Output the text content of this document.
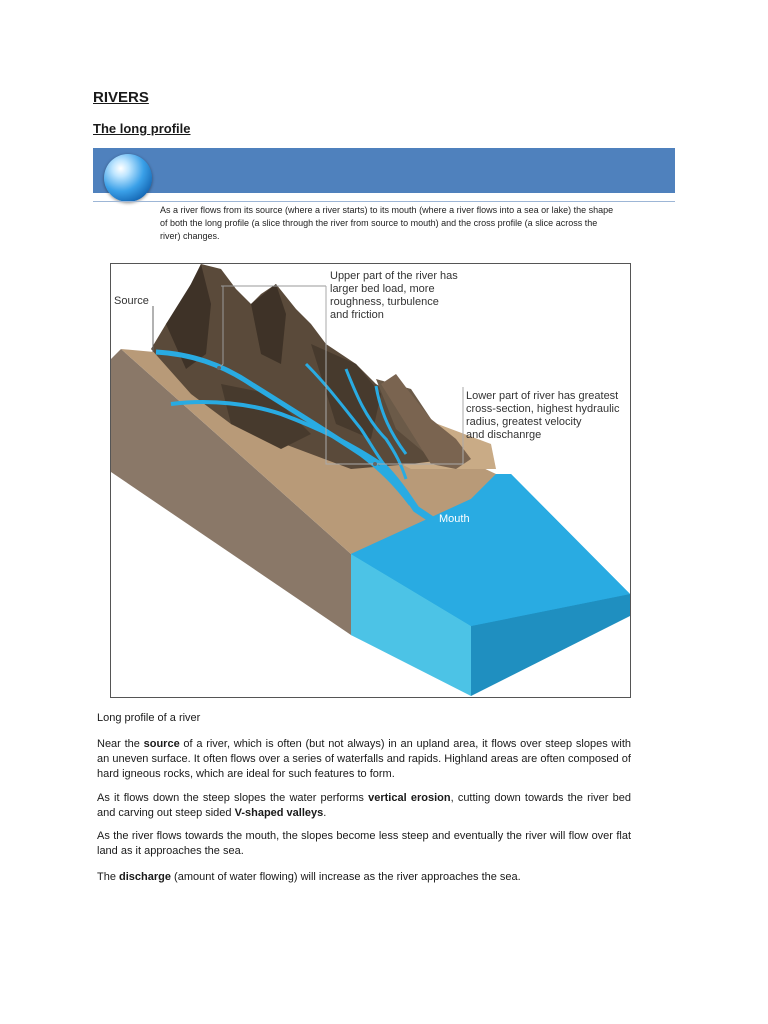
RIVERS
The long profile
As a river flows from its source (where a river starts) to its mouth (where a river flows into a sea or lake) the shape of both the long profile (a slice through the river from source to mouth) and the cross profile (a slice across the river) changes.
Source
Upper part of the river has
larger bed load, more
roughness, turbulence
and friction
Lower part of river has greatest
cross-section, highest hydraulic
radius, greatest velocity
and dischanrge
Mouth
Long profile of a river
Near the source of a river, which is often (but not always) in an upland area, it flows over steep slopes with an uneven surface. It often flows over a series of waterfalls and rapids. Highland areas are often composed of hard igneous rocks, which are ideal for such features to form.
As it flows down the steep slopes the water performs vertical erosion, cutting down towards the river bed and carving out steep sided V-shaped valleys.
As the river flows towards the mouth, the slopes become less steep and eventually the river will flow over flat land as it approaches the sea.
The discharge (amount of water flowing) will increase as the river approaches the sea.
